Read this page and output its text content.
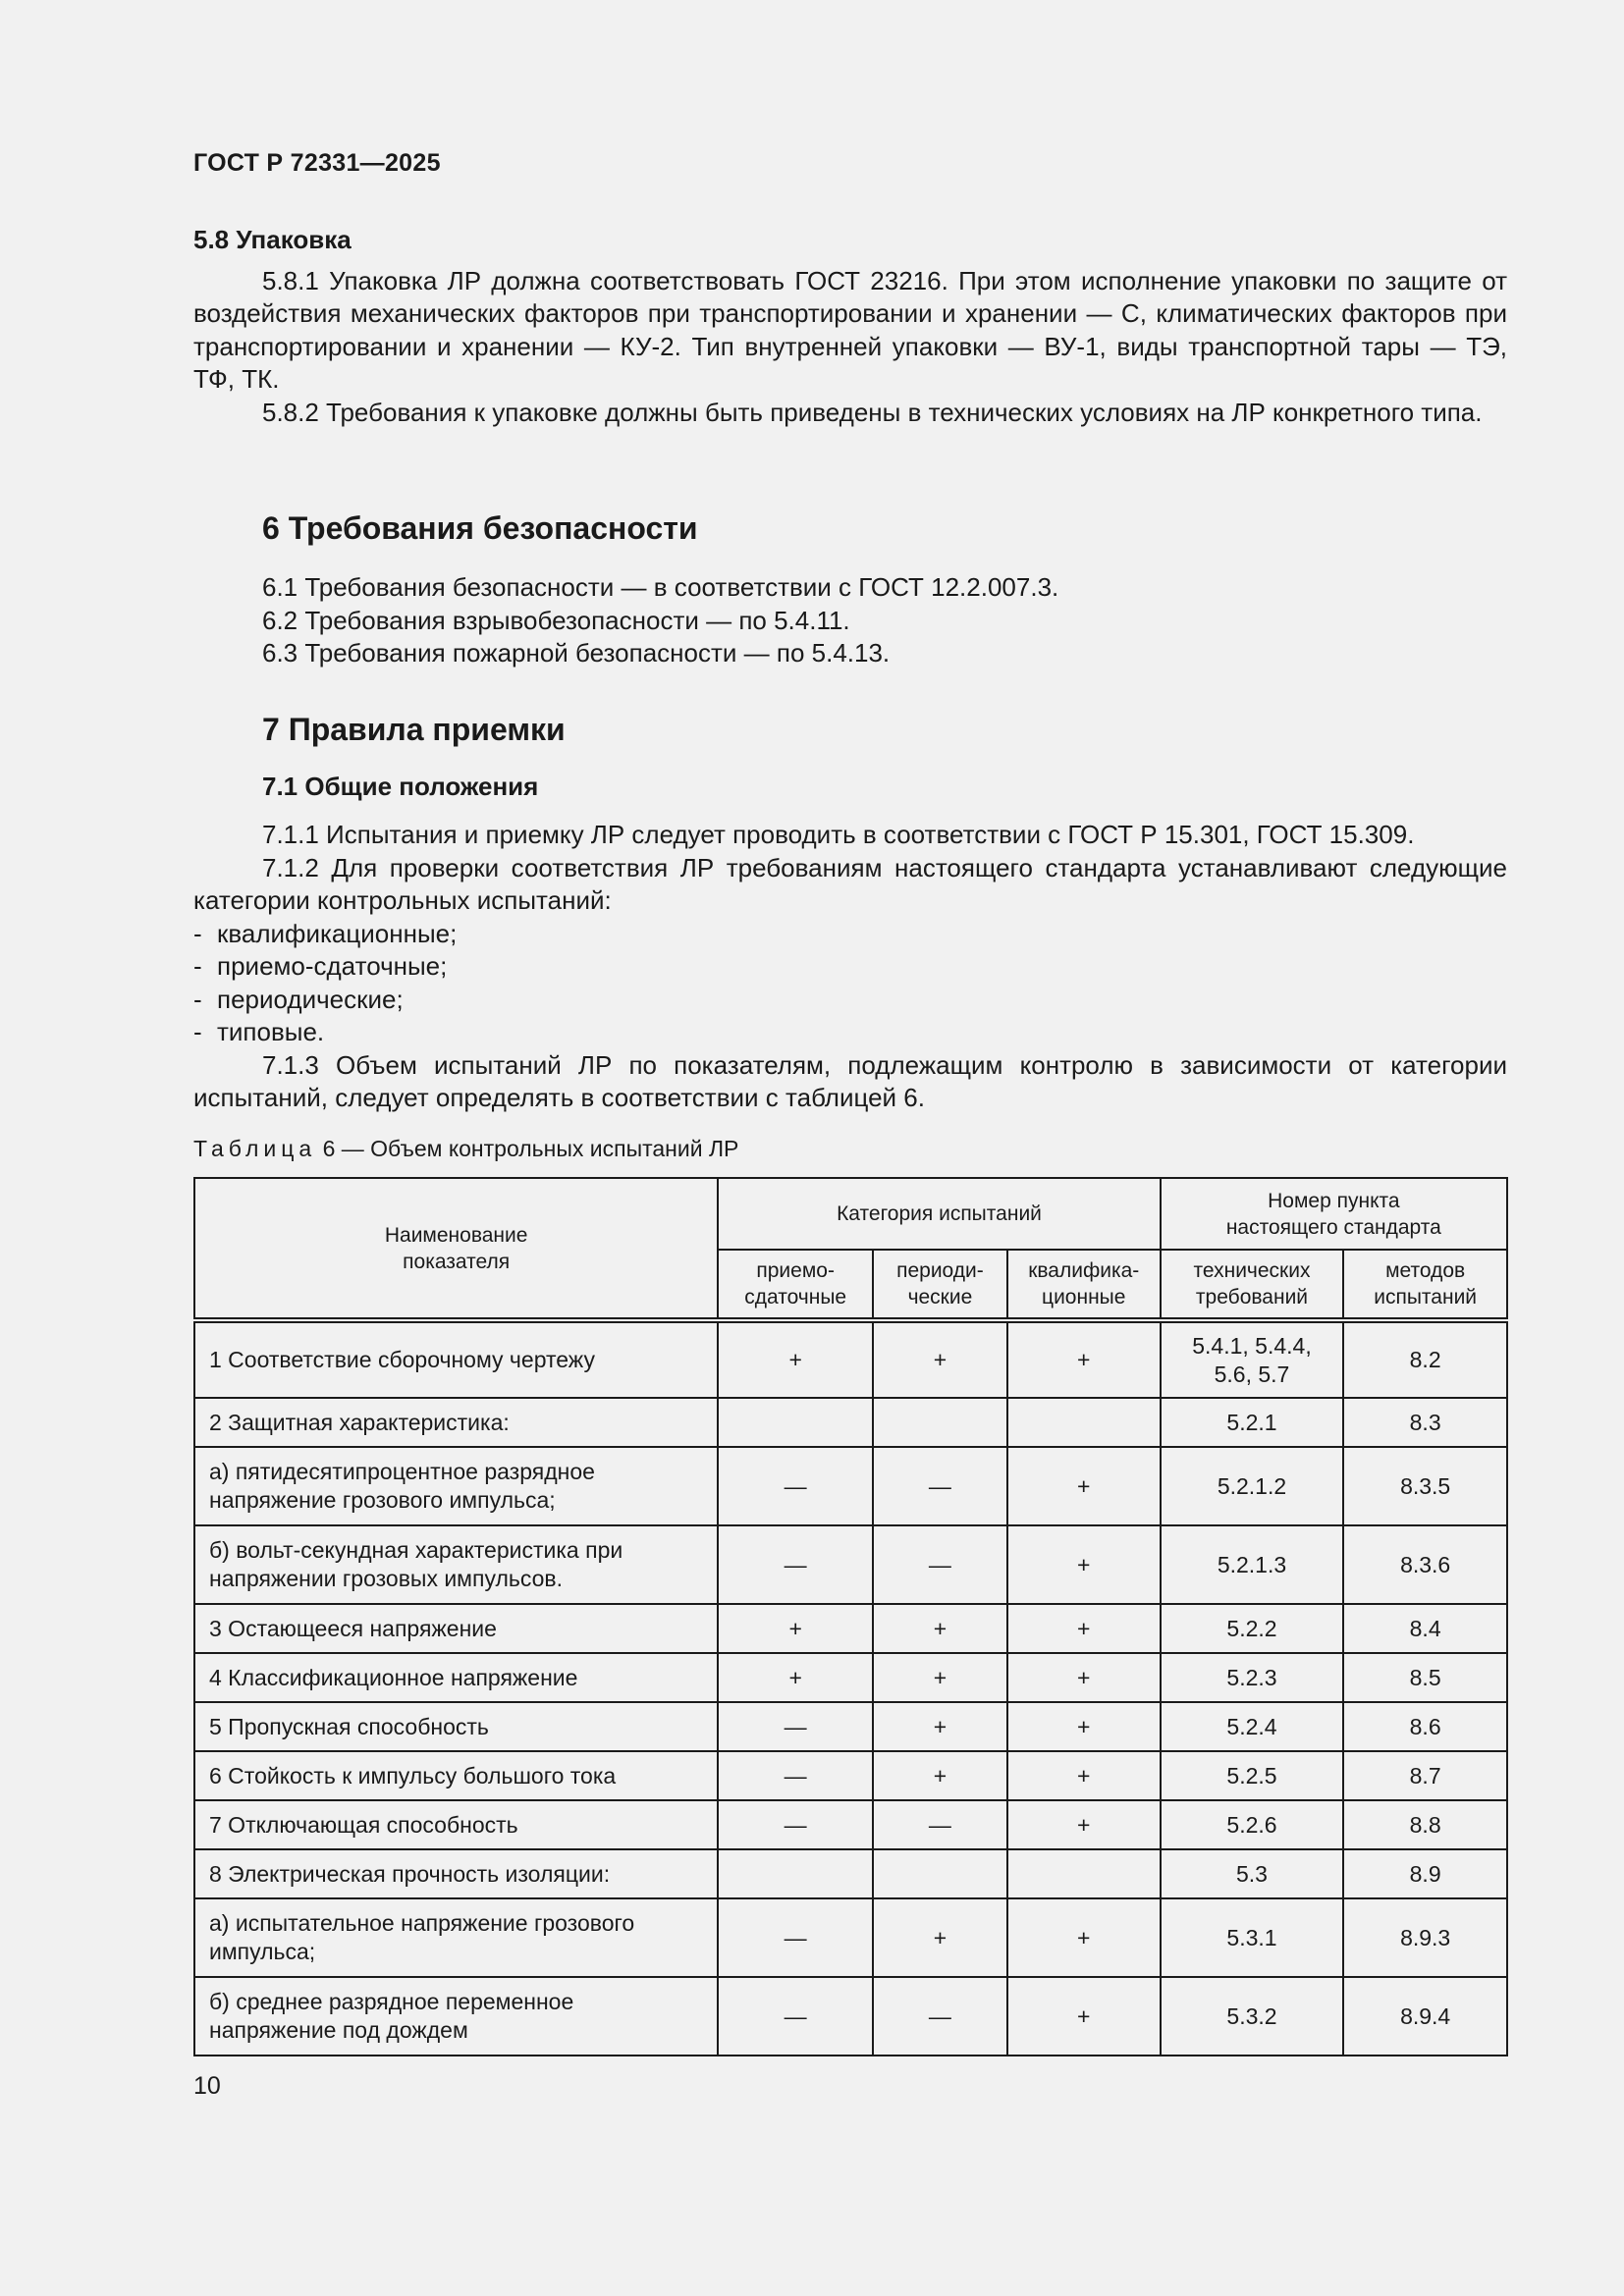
ГОСТ Р 72331—2025

5.8 Упаковка

5.8.1 Упаковка ЛР должна соответствовать ГОСТ 23216. При этом исполнение упаковки по защите от воздействия механических факторов при транспортировании и хранении — С, климатических факторов при транспортировании и хранении — КУ-2. Тип внутренней упаковки — ВУ-1, виды транспортной тары — ТЭ, ТФ, ТК.

5.8.2 Требования к упаковке должны быть приведены в технических условиях на ЛР конкретного типа.

6 Требования безопасности

6.1 Требования безопасности — в соответствии с ГОСТ 12.2.007.3.

6.2 Требования взрывобезопасности — по 5.4.11.

6.3 Требования пожарной безопасности — по 5.4.13.

7 Правила приемки
7.1 Общие положения

7.1.1 Испытания и приемку ЛР следует проводить в соответствии с ГОСТ Р 15.301, ГОСТ 15.309.

7.1.2 Для проверки соответствия ЛР требованиям настоящего стандарта устанавливают следующие категории контрольных испытаний:

- квалификационные;

- приемо-сдаточные;

- периодические;

- типовые.

7.1.3 Объем испытаний ЛР по показателям, подлежащим контролю в зависимости от категории испытаний, следует определять в соответствии с таблицей 6.

Таблица 6 — Объем контрольных испытаний ЛР
Наименование показателя	Категория испытаний			Номер пункта настоящего стандарта	
	приемо-сдаточные	периоди-ческие	квалифика-ционные	технических требований	методов испытаний
1 Соответствие сборочному чертежу	+	+	+	5.4.1, 5.4.4, 5.6, 5.7	8.2
2 Защитная характеристика:				5.2.1	8.3
а) пятидесятипроцентное разрядное напряжение грозового импульса;	—	—	+	5.2.1.2	8.3.5
б) вольт-секундная характеристика при напряжении грозовых импульсов.	—	—	+	5.2.1.3	8.3.6
3 Остающееся напряжение	+	+	+	5.2.2	8.4
4 Классификационное напряжение	+	+	+	5.2.3	8.5
5 Пропускная способность	—	+	+	5.2.4	8.6
6 Стойкость к импульсу большого тока	—	+	+	5.2.5	8.7
7 Отключающая способность	—	—	+	5.2.6	8.8
8 Электрическая прочность изоляции:				5.3	8.9
а) испытательное напряжение грозового импульса;	—	+	+	5.3.1	8.9.3
б) среднее разрядное переменное напряжение под дождем	—	—	+	5.3.2	8.9.4
10
